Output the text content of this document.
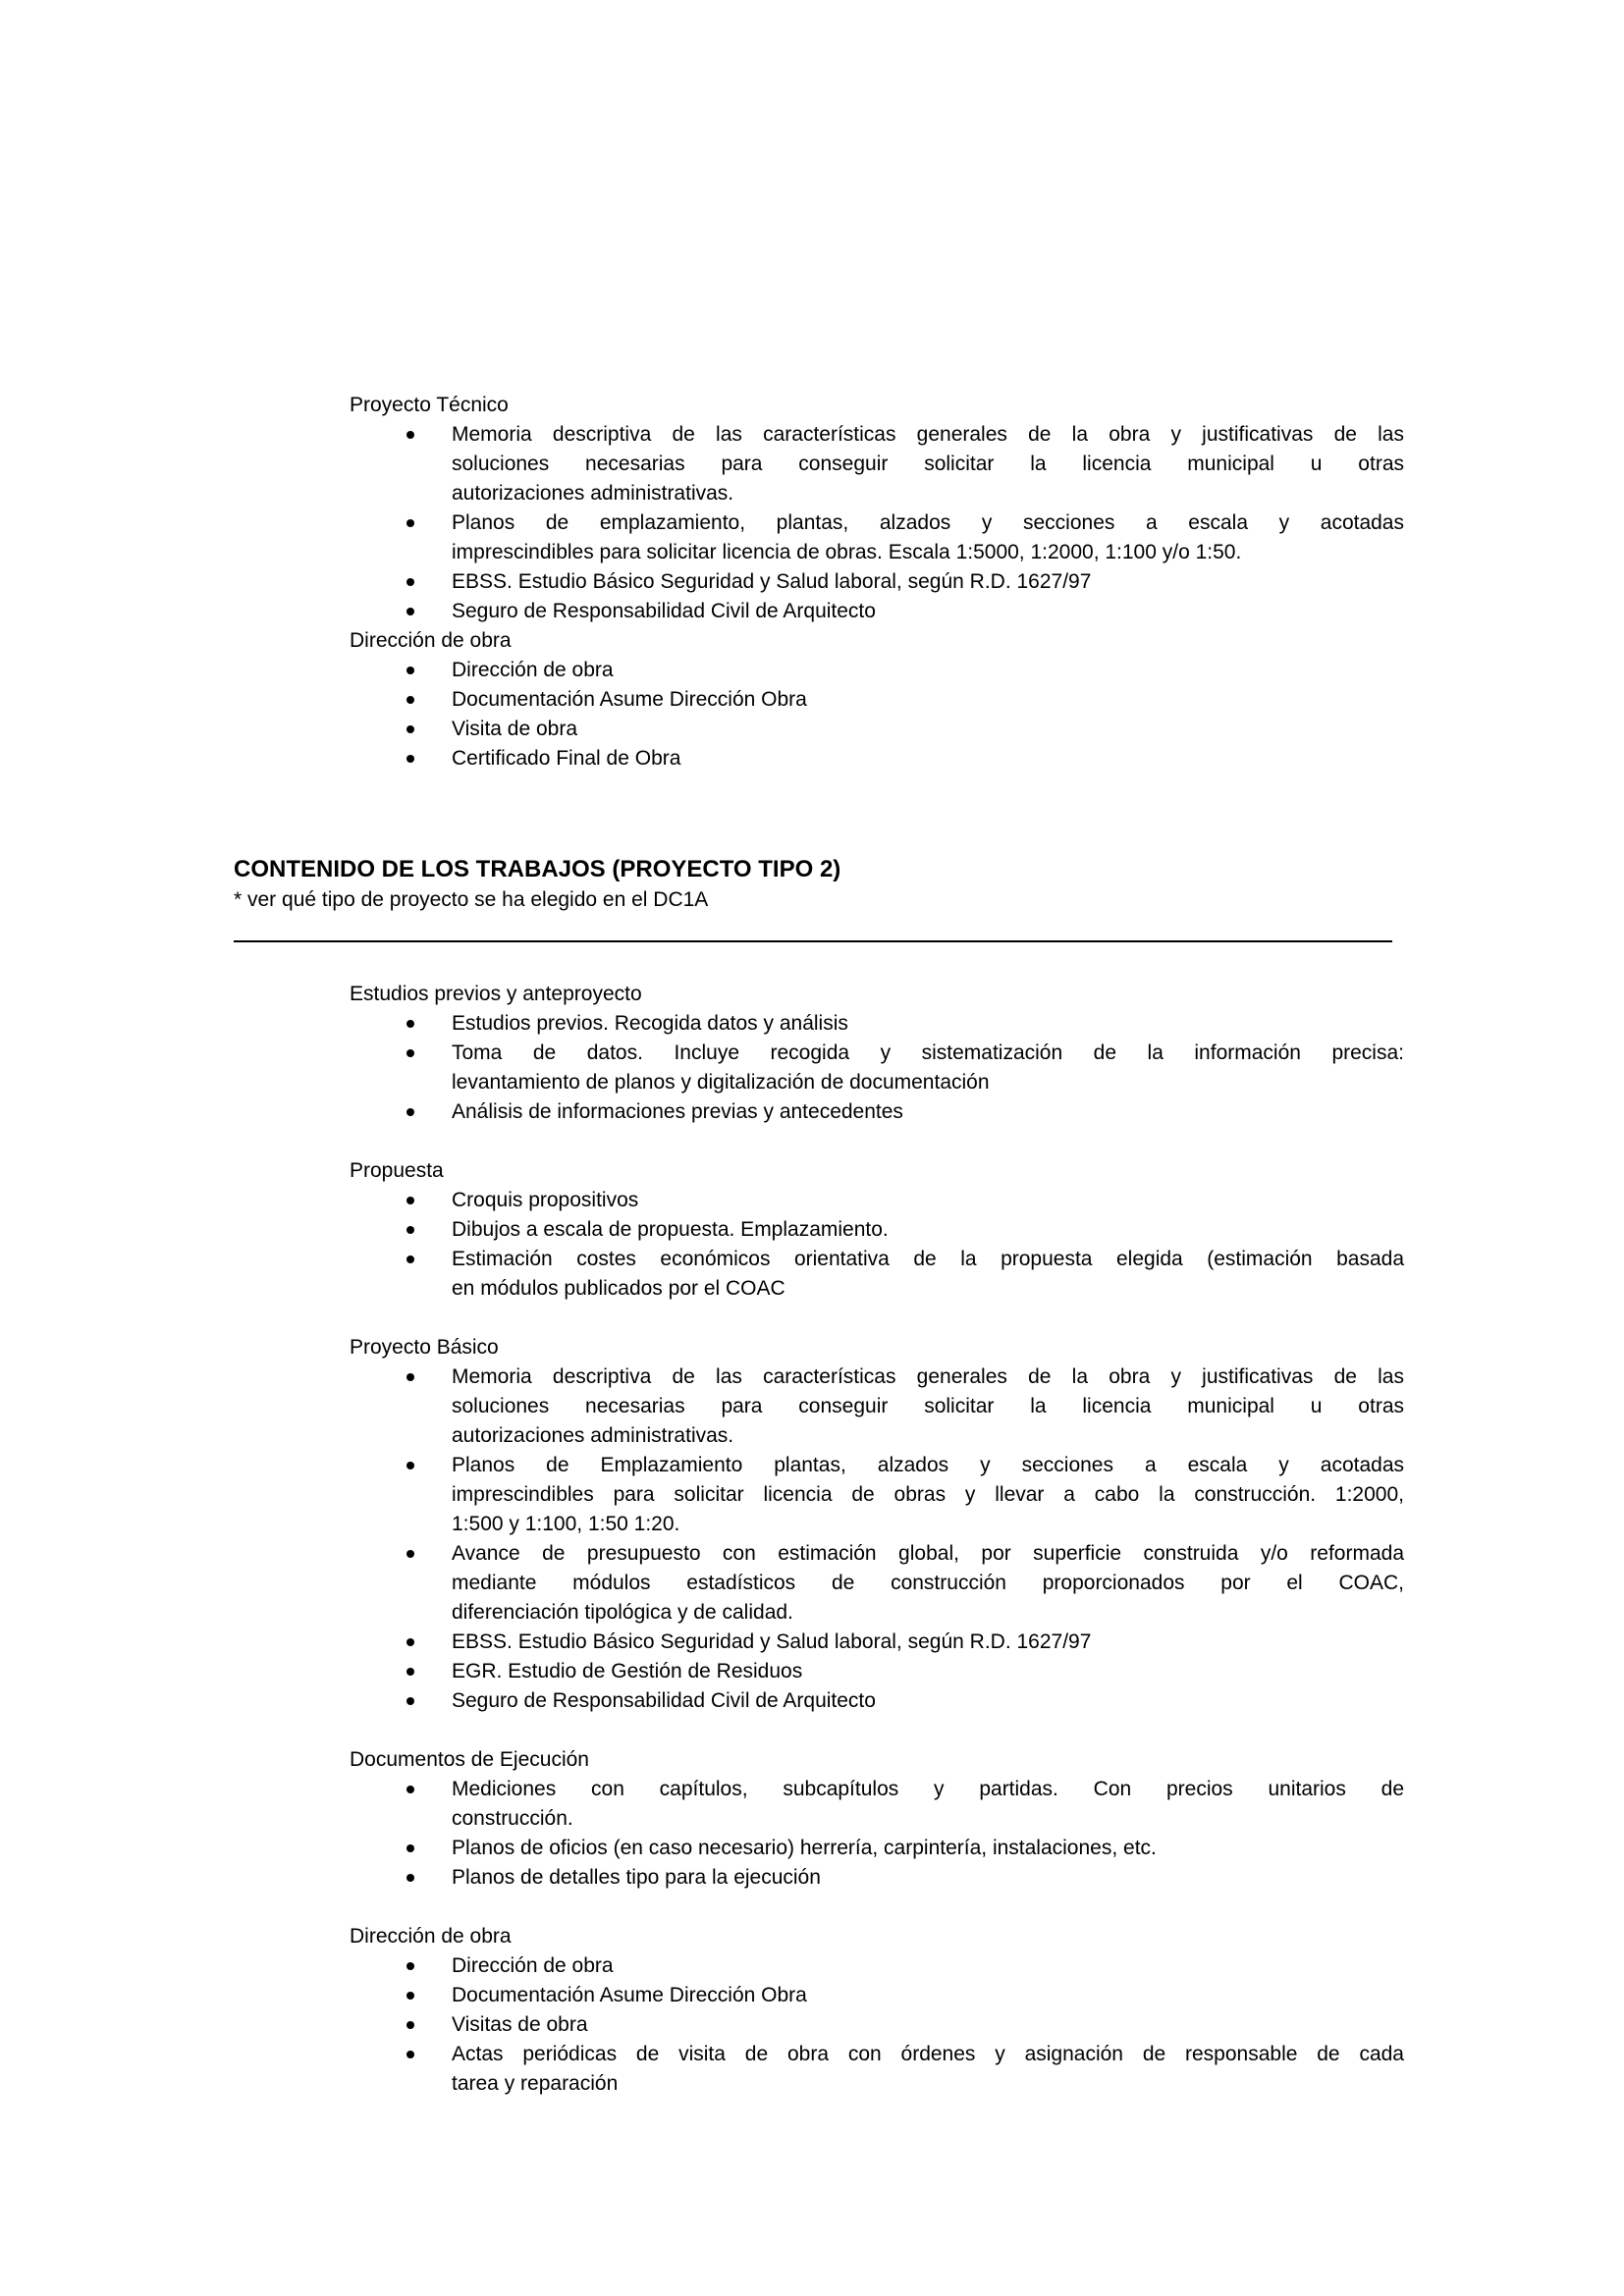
Proyecto Técnico
Memoria descriptiva de las características generales de la obra y justificativas de las
soluciones necesarias para conseguir solicitar la licencia municipal u otras
autorizaciones administrativas.
Planos de emplazamiento, plantas, alzados y secciones a escala y acotadas
imprescindibles para solicitar licencia de obras. Escala 1:5000, 1:2000, 1:100 y/o 1:50.
EBSS. Estudio Básico Seguridad y Salud laboral, según R.D. 1627/97
Seguro de Responsabilidad Civil de Arquitecto
Dirección de obra
Dirección de obra
Documentación Asume Dirección Obra
Visita de obra
Certificado Final de Obra
CONTENIDO DE LOS TRABAJOS (PROYECTO TIPO 2)
* ver qué tipo de proyecto se ha elegido en el DC1A
Estudios previos y anteproyecto
Estudios previos. Recogida datos y análisis
Toma de datos. Incluye recogida y sistematización de la información precisa:
levantamiento de planos y digitalización de documentación
Análisis de informaciones previas y antecedentes
Propuesta
Croquis propositivos
Dibujos a escala de propuesta. Emplazamiento.
Estimación costes económicos orientativa de la propuesta elegida (estimación basada
en módulos publicados por el COAC
Proyecto Básico
Memoria descriptiva de las características generales de la obra y justificativas de las
soluciones necesarias para conseguir solicitar la licencia municipal u otras
autorizaciones administrativas.
Planos de Emplazamiento plantas, alzados y secciones a escala y acotadas
imprescindibles para solicitar licencia de obras y llevar a cabo la construcción. 1:2000,
1:500 y 1:100, 1:50 1:20.
Avance de presupuesto con estimación global, por superficie construida y/o reformada
mediante módulos estadísticos de construcción proporcionados por el COAC,
diferenciación tipológica y de calidad.
EBSS. Estudio Básico Seguridad y Salud laboral, según R.D. 1627/97
EGR. Estudio de Gestión de Residuos
Seguro de Responsabilidad Civil de Arquitecto
Documentos de Ejecución
Mediciones con capítulos, subcapítulos y partidas. Con precios unitarios de
construcción.
Planos de oficios (en caso necesario) herrería, carpintería, instalaciones, etc.
Planos de detalles tipo para la ejecución
Dirección de obra
Dirección de obra
Documentación Asume Dirección Obra
Visitas de obra
Actas periódicas de visita de obra con órdenes y asignación de responsable de cada
tarea y reparación
